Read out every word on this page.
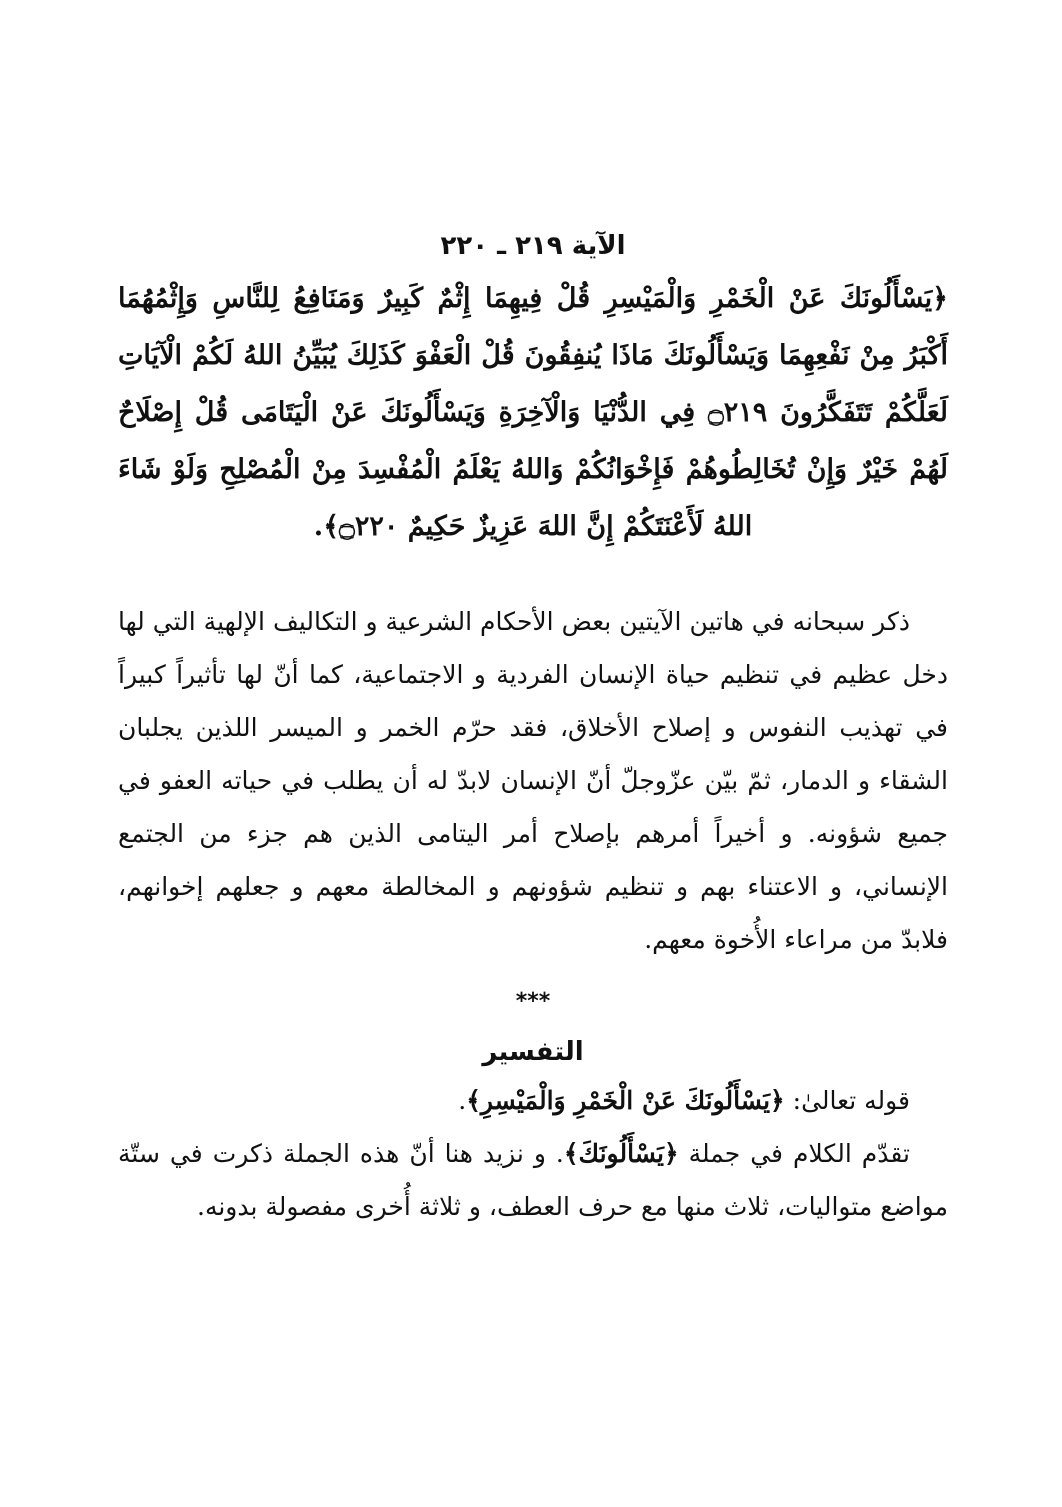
الآية ٢١٩ ـ ٢٢٠

﴿يَسْأَلُونَكَ عَنْ الْخَمْرِ وَالْمَيْسِرِ قُلْ فِيهِمَا إِثْمٌ كَبِيرٌ وَمَنَافِعُ لِلنَّاسِ وَإِثْمُهُمَا أَكْبَرُ مِنْ نَفْعِهِمَا وَيَسْأَلُونَكَ مَاذَا يُنفِقُونَ قُلْ الْعَفْوَ كَذَلِكَ يُبَيِّنُ اللهُ لَكُمْ الْآيَاتِ لَعَلَّكُمْ تَتَفَكَّرُونَ ۝٢١٩ فِي الدُّنْيَا وَالْآخِرَةِ وَيَسْأَلُونَكَ عَنْ الْيَتَامَى قُلْ إِصْلَاحٌ لَهُمْ خَيْرٌ وَإِنْ تُخَالِطُوهُمْ فَإِخْوَانُكُمْ وَاللهُ يَعْلَمُ الْمُفْسِدَ مِنْ الْمُصْلِحِ وَلَوْ شَاءَ اللهُ لَأَعْنَتَكُمْ إِنَّ اللهَ عَزِيزٌ حَكِيمٌ ۝٢٢٠﴾.

ذكر سبحانه في هاتين الآيتين بعض الأحكام الشرعية و التكاليف الإلهية التي لها دخل عظيم في تنظيم حياة الإنسان الفردية و الاجتماعية، كما أنّ لها تأثيراً كبيراً في تهذيب النفوس و إصلاح الأخلاق، فقد حرّم الخمر و الميسر اللذين يجلبان الشقاء و الدمار، ثمّ بيّن عزّوجلّ أنّ الإنسان لابدّ له أن يطلب في حياته العفو في جميع شؤونه. و أخيراً أمرهم بإصلاح أمر اليتامى الذين هم جزء من الجتمع الإنساني، و الاعتناء بهم و تنظيم شؤونهم و المخالطة معهم و جعلهم إخوانهم، فلابدّ من مراعاء الأُخوة معهم.

***
التفسير

قوله تعالىٰ: ﴿يَسْأَلُونَكَ عَنْ الْخَمْرِ وَالْمَيْسِرِ﴾.

تقدّم الكلام في جملة ﴿يَسْأَلُونَكَ﴾. و نزيد هنا أنّ هذه الجملة ذكرت في ستّة مواضع متواليات، ثلاث منها مع حرف العطف، و ثلاثة أُخرى مفصولة بدونه.
